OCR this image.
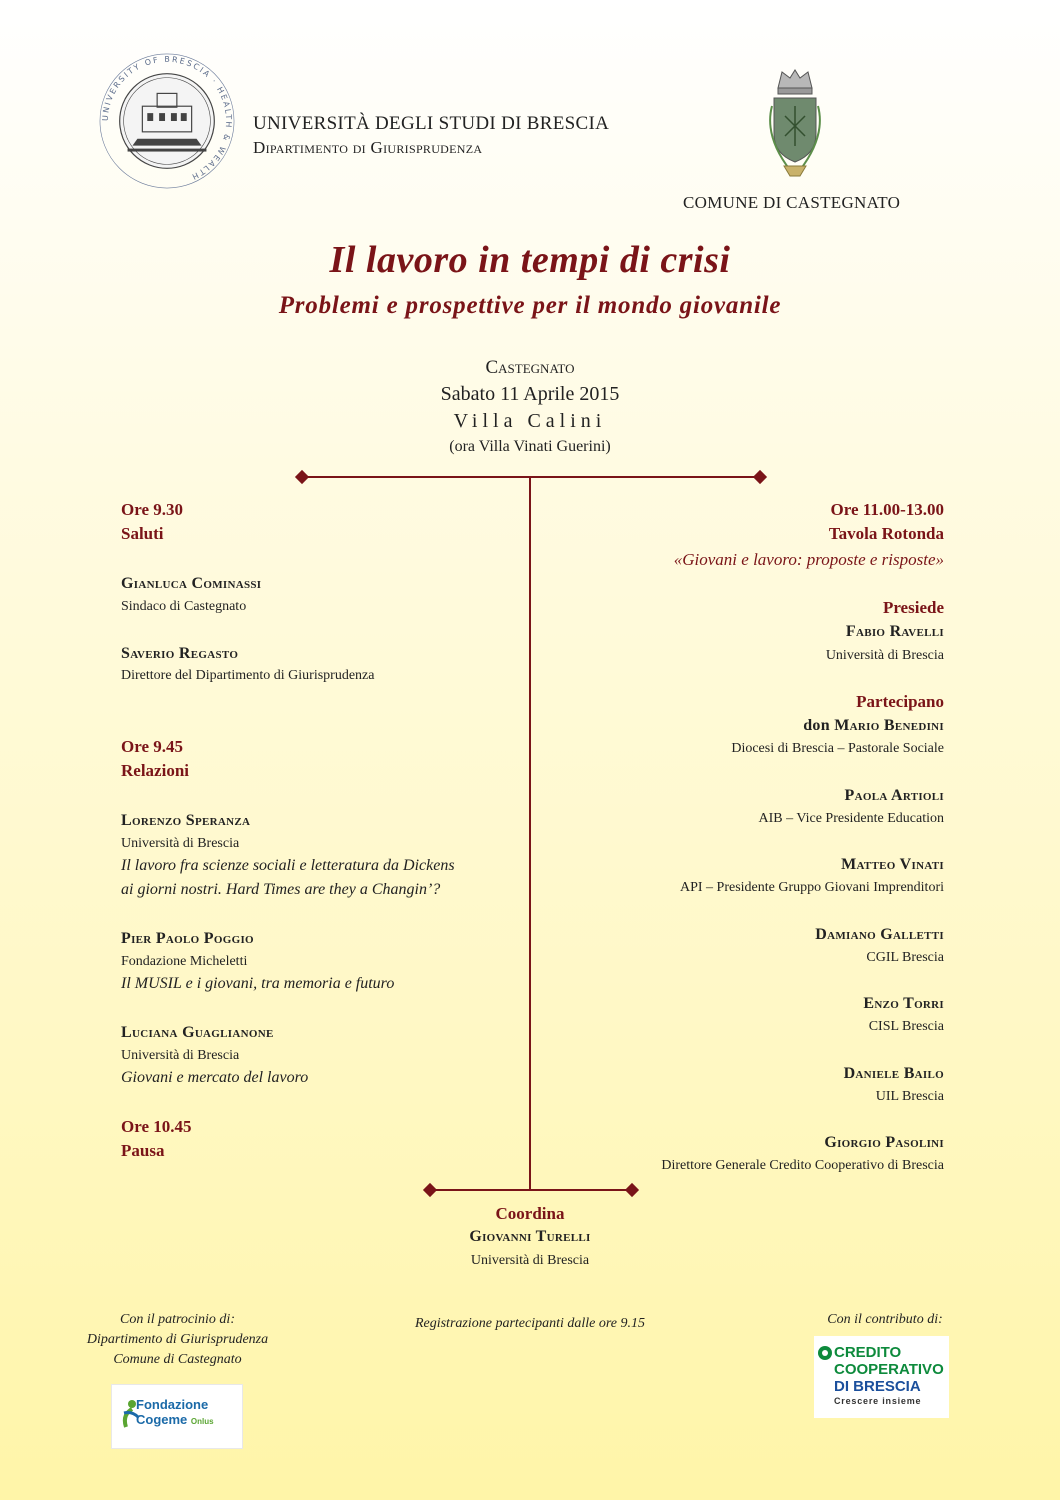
UNIVERSITY OF BRESCIA · HEALTH & WEALTH
UNIVERSITÀ DEGLI STUDI DI BRESCIA
Dipartimento di Giurisprudenza
COMUNE DI CASTEGNATO
Il lavoro in tempi di crisi
Problemi e prospettive per il mondo giovanile
Castegnato
Sabato 11 Aprile 2015
Villa Calini
(ora Villa Vinati Guerini)
Ore 9.30
Saluti
Gianluca Cominassi
Sindaco di Castegnato
Saverio Regasto
Direttore del Dipartimento di Giurisprudenza
Ore 9.45
Relazioni
Lorenzo Speranza
Università di Brescia
Il lavoro fra scienze sociali e letteratura da Dickens
ai giorni nostri. Hard Times are they a Changin’?
Pier Paolo Poggio
Fondazione Micheletti
Il MUSIL e i giovani, tra memoria e futuro
Luciana Guaglianone
Università di Brescia
Giovani e mercato del lavoro
Ore 10.45
Pausa
Ore 11.00-13.00
Tavola Rotonda
«Giovani e lavoro: proposte e risposte»
Presiede
Fabio Ravelli
Università di Brescia
Partecipano
don Mario Benedini
Diocesi di Brescia – Pastorale Sociale
Paola Artioli
AIB – Vice Presidente Education
Matteo Vinati
API – Presidente Gruppo Giovani Imprenditori
Damiano Galletti
CGIL Brescia
Enzo Torri
CISL Brescia
Daniele Bailo
UIL Brescia
Giorgio Pasolini
Direttore Generale Credito Cooperativo di Brescia
Coordina
Giovanni Turelli
Università di Brescia
Con il patrocinio di:
Dipartimento di Giurisprudenza
Comune di Castegnato
Registrazione partecipanti dalle ore 9.15	Con il contributo di:
Fondazione
Cogeme Onlus
CREDITO
COOPERATIVO
DI BRESCIA
Crescere insieme
